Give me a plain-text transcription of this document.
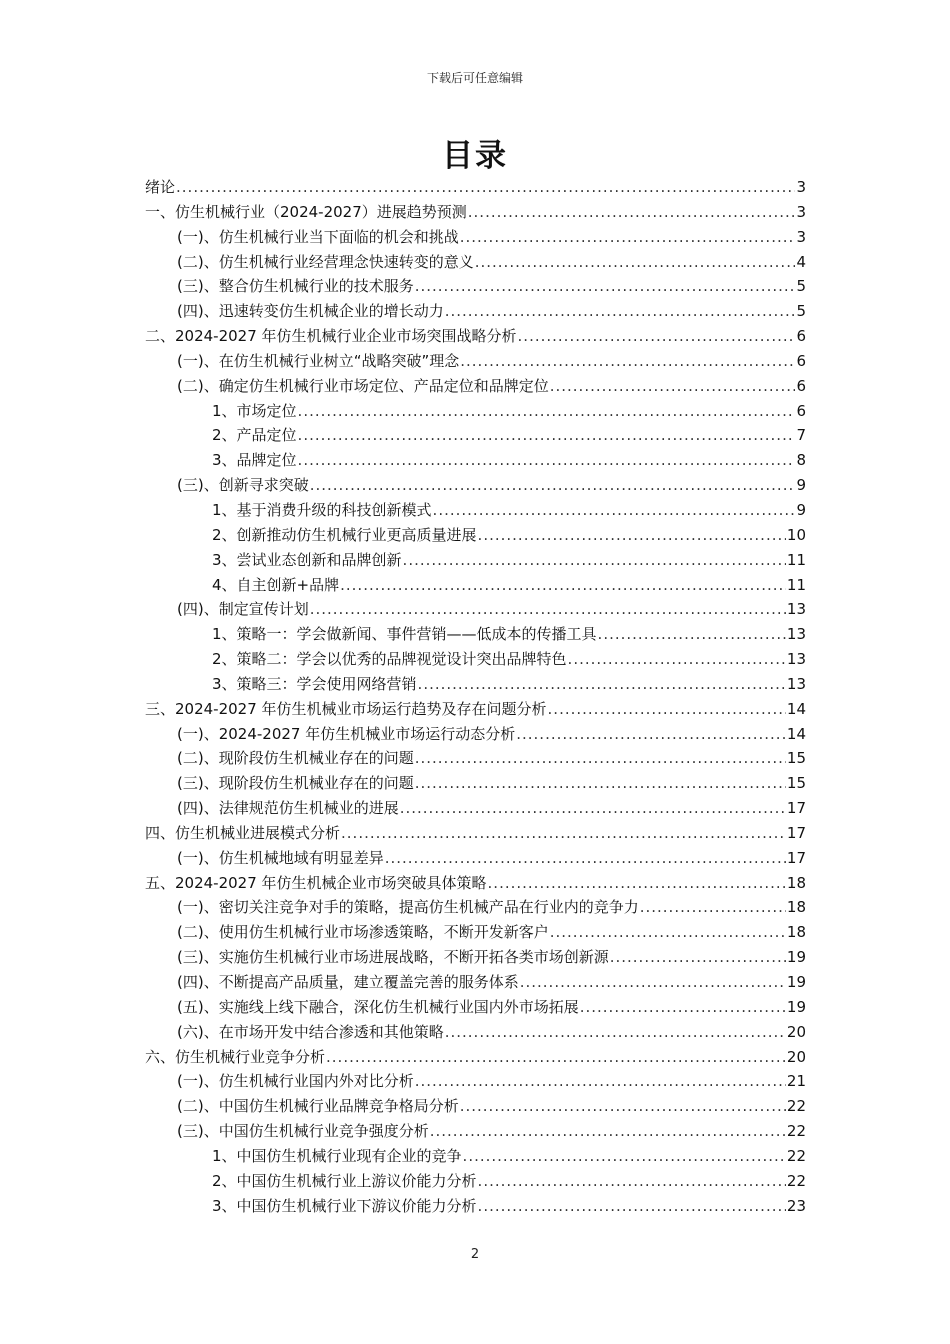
下载后可任意编辑
目录
绪论 .....	3
一、仿生机械行业（2024-2027）进展趋势预测 .....	3
(一)、仿生机械行业当下面临的机会和挑战 .....	3
(二)、仿生机械行业经营理念快速转变的意义 .....	4
(三)、整合仿生机械行业的技术服务 .....	5
(四)、迅速转变仿生机械企业的增长动力 .....	5
二、2024-2027 年仿生机械行业企业市场突围战略分析 .....	6
(一)、在仿生机械行业树立“战略突破”理念 .....	6
(二)、确定仿生机械行业市场定位、产品定位和品牌定位 .....	6
1、市场定位 .....	6
2、产品定位 .....	7
3、品牌定位 .....	8
(三)、创新寻求突破 .....	9
1、基于消费升级的科技创新模式 .....	9
2、创新推动仿生机械行业更高质量进展 .....	10
3、尝试业态创新和品牌创新 .....	11
4、自主创新+品牌 .....	11
(四)、制定宣传计划 .....	13
1、策略一：学会做新闻、事件营销——低成本的传播工具 .....	13
2、策略二：学会以优秀的品牌视觉设计突出品牌特色 .....	13
3、策略三：学会使用网络营销 .....	13
三、2024-2027 年仿生机械业市场运行趋势及存在问题分析 .....	14
(一)、2024-2027 年仿生机械业市场运行动态分析 .....	14
(二)、现阶段仿生机械业存在的问题 .....	15
(三)、现阶段仿生机械业存在的问题 .....	15
(四)、法律规范仿生机械业的进展 .....	17
四、仿生机械业进展模式分析 .....	17
(一)、仿生机械地域有明显差异 .....	17
五、2024-2027 年仿生机械企业市场突破具体策略 .....	18
(一)、密切关注竞争对手的策略，提高仿生机械产品在行业内的竞争力 .....	18
(二)、使用仿生机械行业市场渗透策略，不断开发新客户 .....	18
(三)、实施仿生机械行业市场进展战略，不断开拓各类市场创新源 .....	19
(四)、不断提高产品质量，建立覆盖完善的服务体系 .....	19
(五)、实施线上线下融合，深化仿生机械行业国内外市场拓展 .....	19
(六)、在市场开发中结合渗透和其他策略 .....	20
六、仿生机械行业竞争分析 .....	20
(一)、仿生机械行业国内外对比分析 .....	21
(二)、中国仿生机械行业品牌竞争格局分析 .....	22
(三)、中国仿生机械行业竞争强度分析 .....	22
1、中国仿生机械行业现有企业的竞争 .....	22
2、中国仿生机械行业上游议价能力分析 .....	22
3、中国仿生机械行业下游议价能力分析 .....	23
2
